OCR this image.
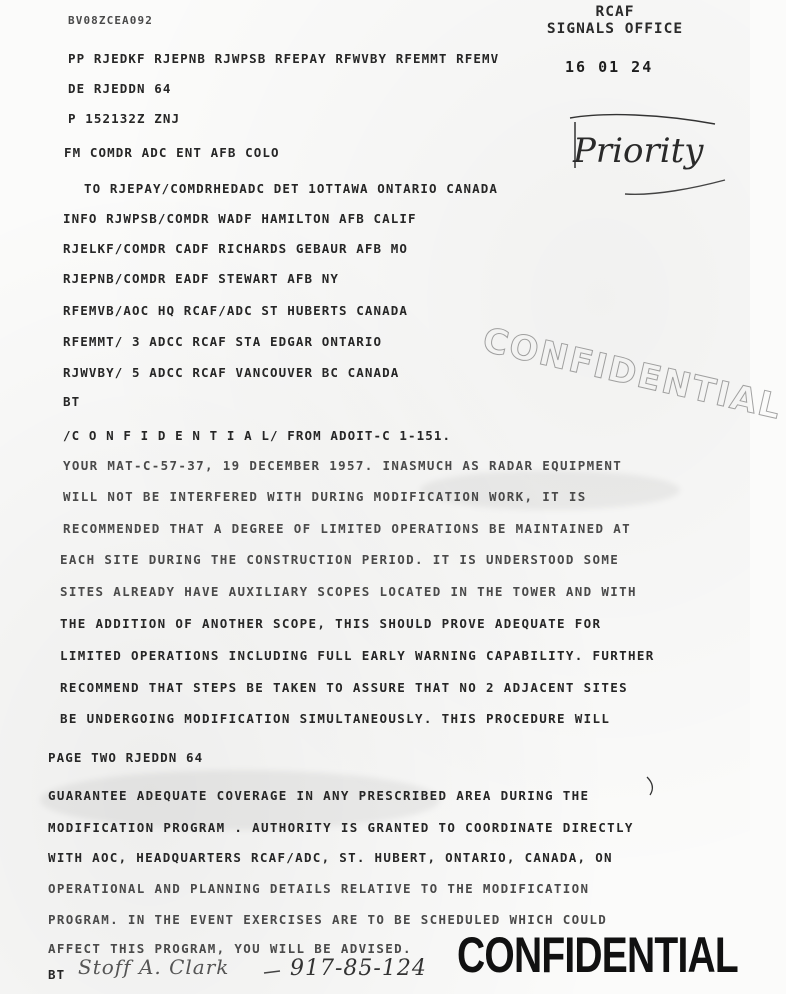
RCAF
SIGNALS OFFICE
16 01 24
Priority
CONFIDENTIAL
BV08ZCEA092
PP RJEDKF RJEPNB RJWPSB RFEPAY RFWVBY RFEMMT RFEMV
DE RJEDDN 64
P 152132Z ZNJ
FM COMDR ADC ENT AFB COLO
TO RJEPAY/COMDRHEDADC DET 1OTTAWA ONTARIO CANADA
INFO RJWPSB/COMDR WADF HAMILTON AFB CALIF
RJELKF/COMDR CADF RICHARDS GEBAUR AFB MO
RJEPNB/COMDR EADF STEWART AFB NY
RFEMVB/AOC HQ RCAF/ADC ST HUBERTS CANADA
RFEMMT/ 3 ADCC RCAF STA EDGAR ONTARIO
RJWVBY/ 5 ADCC RCAF VANCOUVER BC CANADA
BT
/C O N F I D E N T I A L/ FROM ADOIT-C 1-151.
YOUR MAT-C-57-37, 19 DECEMBER 1957. INASMUCH AS RADAR EQUIPMENT
WILL NOT BE INTERFERED WITH DURING MODIFICATION WORK, IT IS
RECOMMENDED THAT A DEGREE OF LIMITED OPERATIONS BE MAINTAINED AT
EACH SITE DURING THE CONSTRUCTION PERIOD. IT IS UNDERSTOOD SOME
SITES ALREADY HAVE AUXILIARY SCOPES LOCATED IN THE TOWER AND WITH
THE ADDITION OF ANOTHER SCOPE, THIS SHOULD PROVE ADEQUATE FOR
LIMITED OPERATIONS INCLUDING FULL EARLY WARNING CAPABILITY. FURTHER
RECOMMEND THAT STEPS BE TAKEN TO ASSURE THAT NO 2 ADJACENT SITES
BE UNDERGOING MODIFICATION SIMULTANEOUSLY. THIS PROCEDURE WILL
PAGE TWO RJEDDN 64
GUARANTEE ADEQUATE COVERAGE IN ANY PRESCRIBED AREA DURING THE
MODIFICATION PROGRAM . AUTHORITY IS GRANTED TO COORDINATE DIRECTLY
WITH AOC, HEADQUARTERS RCAF/ADC, ST. HUBERT, ONTARIO, CANADA, ON
OPERATIONAL AND PLANNING DETAILS RELATIVE TO THE MODIFICATION
PROGRAM. IN THE EVENT EXERCISES ARE TO BE SCHEDULED WHICH COULD
AFFECT THIS PROGRAM, YOU WILL BE ADVISED.
BT Stoff A. Clark	917-85-124 CONFIDENTIAL
